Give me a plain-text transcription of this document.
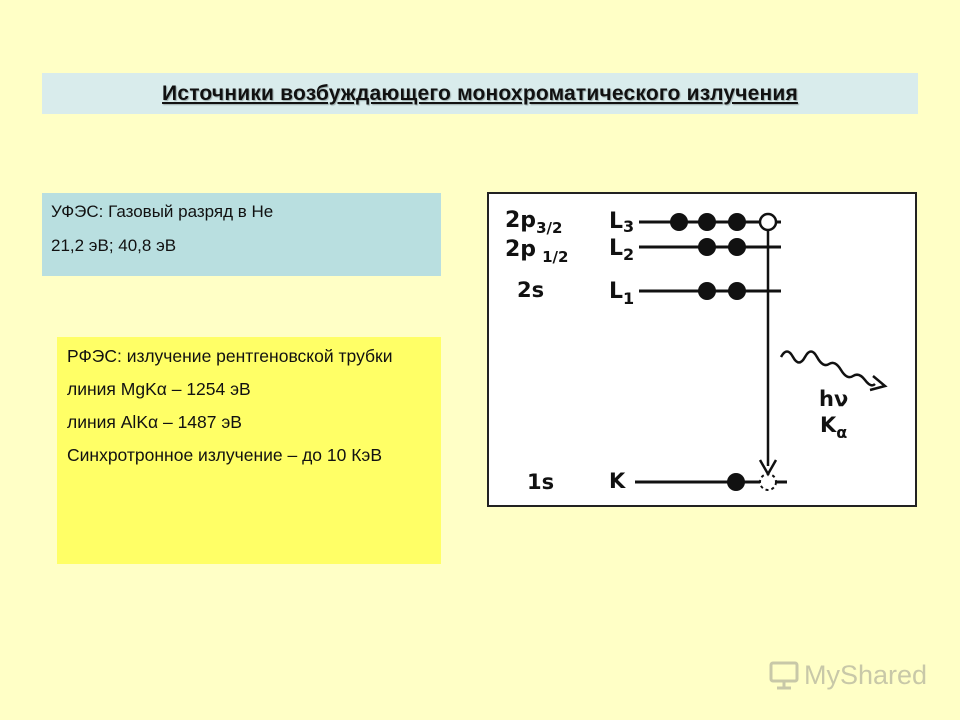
Источники возбуждающего монохроматического излучения

УФЭС: Газовый разряд в He

21,2 эВ; 40,8 эВ

РФЭС: излучение рентгеновской трубки

линия MgKα – 1254 эВ

линия AlKα – 1487 эВ

Синхротронное излучение – до 10 КэВ

$2p_{3/2}$
2p $_{1/2}$
2s
1s
L3
$L_2$
$L_1$
K
hν
$K_\alpha$
MyShared
